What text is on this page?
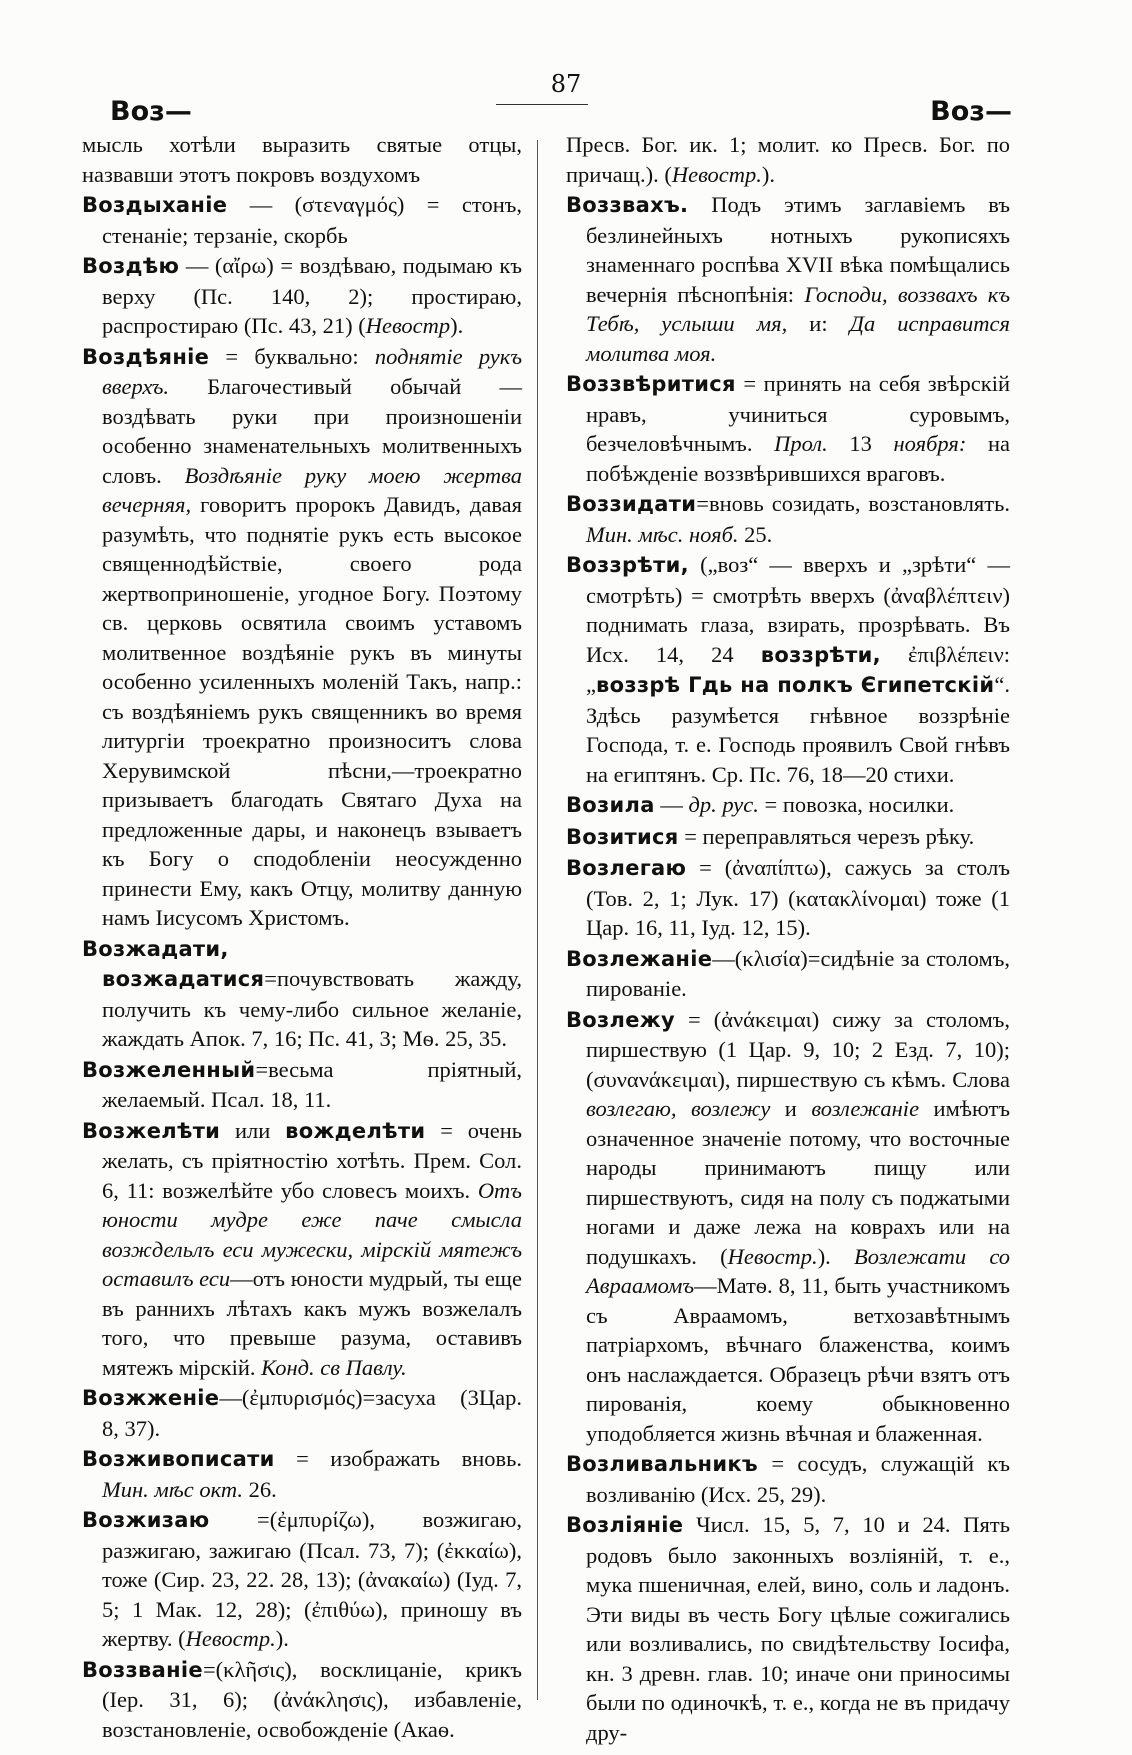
87
Воз—	Воз—

мысль хотѣли выразить святые отцы, назвавши этотъ покровъ воздухомъ

Воздыханіе — (στεναγμός) = стонъ, стенаніе; терзаніе, скорбь

Воздѣю — (αἴρω) = воздѣваю, подымаю къ верху (Пс. 140, 2); простираю, распростираю (Пс. 43, 21) (Невостр).

Воздѣяніе = буквально: поднятіе рукъ вверхъ. Благочестивый обычай — воздѣвать руки при произношеніи особенно знаменательныхъ молитвенныхъ словъ. Воздѣяніе руку моею жертва вечерняя, говоритъ пророкъ Давидъ, давая разумѣть, что поднятіе рукъ есть высокое священнодѣйствіе, своего рода жертвоприношеніе, угодное Богу. Поэтому св. церковь освятила своимъ уставомъ молитвенное воздѣяніе рукъ въ минуты особенно усиленныхъ моленій Такъ, напр.: съ воздѣяніемъ рукъ священникъ во время литургіи троекратно произноситъ слова Херувимской пѣсни,—троекратно призываетъ благодать Святаго Духа на предложенные дары, и наконецъ взываетъ къ Богу о сподобленіи неосужденно принести Ему, какъ Отцу, молитву данную намъ Іисусомъ Христомъ.

Возжадати, возжадатися=почувствовать жажду, получить къ чему-либо сильное желаніе, жаждать Апок. 7, 16; Пс. 41, 3; Мѳ. 25, 35.

Возжеленный=весьма пріятный, желаемый. Псал. 18, 11.

Возжелѣти или вожделѣти = очень желать, съ пріятностію хотѣть. Прем. Сол. 6, 11: возжелѣйте убо словесъ моихъ. Отъ юности мудре еже паче смысла возждельлъ еси мужески, мірскій мятежъ оставилъ еси—отъ юности мудрый, ты еще въ раннихъ лѣтахъ какъ мужъ возжелалъ того, что превыше разума, оставивъ мятежъ мірскій. Конд. св Павлу.

Возжженіе—(ἐμπυρισμός)=засуха (3Цар. 8, 37).

Возживописати = изображать вновь. Мин. мѣс окт. 26.

Возжизаю =(ἐμπυρίζω), возжигаю, разжигаю, зажигаю (Псал. 73, 7); (ἐκκαίω), тоже (Сир. 23, 22. 28, 13); (ἀνακαίω) (Іуд. 7, 5; 1 Мак. 12, 28); (ἐπιθύω), приношу въ жертву. (Невостр.).

Воззваніе=(κλῆσις), восклицаніе, крикъ (Іер. 31, 6); (ἀνάκλησις), избавленіе, возстановленіе, освобожденіе (Акаѳ.

Пресв. Бог. ик. 1; молит. ко Пресв. Бог. по причащ.). (Невостр.).

Воззвахъ. Подъ этимъ заглавіемъ въ безлинейныхъ нотныхъ рукописяхъ знаменнаго роспѣва XVII вѣка помѣщались вечернія пѣснопѣнія: Господи, воззвахъ къ Тебѣ, услыши мя, и: Да исправится молитва моя.

Воззвѣритися = принять на себя звѣрскій нравъ, учиниться суровымъ, безчеловѣчнымъ. Прол. 13 ноября: на побѣжденіе воззвѣрившихся враговъ.

Воззидати=вновь созидать, возстановлять. Мин. мѣс. нояб. 25.

Воззрѣти, („воз“ — вверхъ и „зрѣти“ — смотрѣть) = смотрѣть вверхъ (ἀναβλέπτειν) поднимать глаза, взирать, прозрѣвать. Въ Исх. 14, 24 воззрѣти, ἐπιβλέπειν: „воззрѣ Гдь на полкъ Єгипетскій“. Здѣсь разумѣется гнѣвное воззрѣніе Господа, т. е. Господь проявилъ Свой гнѣвъ на египтянъ. Ср. Пс. 76, 18—20 стихи.

Возила — др. рус. = повозка, носилки.

Возитися = переправляться черезъ рѣку.

Возлегаю = (ἀναπίπτω), сажусь за столъ (Тов. 2, 1; Лук. 17) (κατακλίνομαι) тоже (1 Цар. 16, 11, Іуд. 12, 15).

Возлежаніе—(κλισία)=сидѣніе за столомъ, пированіе.

Возлежу = (ἀνάκειμαι) сижу за столомъ, пиршествую (1 Цар. 9, 10; 2 Езд. 7, 10); (συνανάκειμαι), пиршествую съ кѣмъ. Слова возлегаю, возлежу и возлежаніе имѣютъ означенное значеніе потому, что восточные народы принимаютъ пищу или пиршествуютъ, сидя на полу съ поджатыми ногами и даже лежа на коврахъ или на подушкахъ. (Невостр.). Возлежати со Авраамомъ—Матѳ. 8, 11, быть участникомъ съ Авраамомъ, ветхозавѣтнымъ патріархомъ, вѣчнаго блаженства, коимъ онъ наслаждается. Образецъ рѣчи взятъ отъ пированія, коему обыкновенно уподобляется жизнь вѣчная и блаженная.

Возливальникъ = сосудъ, служащій къ возливанію (Исх. 25, 29).

Возліяніе Числ. 15, 5, 7, 10 и 24. Пять родовъ было законныхъ возліяній, т. е., мука пшеничная, елей, вино, соль и ладонъ. Эти виды въ честь Богу цѣлые сожигались или возливались, по свидѣтельству Іосифа, кн. 3 древн. глав. 10; иначе они приносимы были по одиночкѣ, т. е., когда не въ придачу дру-
